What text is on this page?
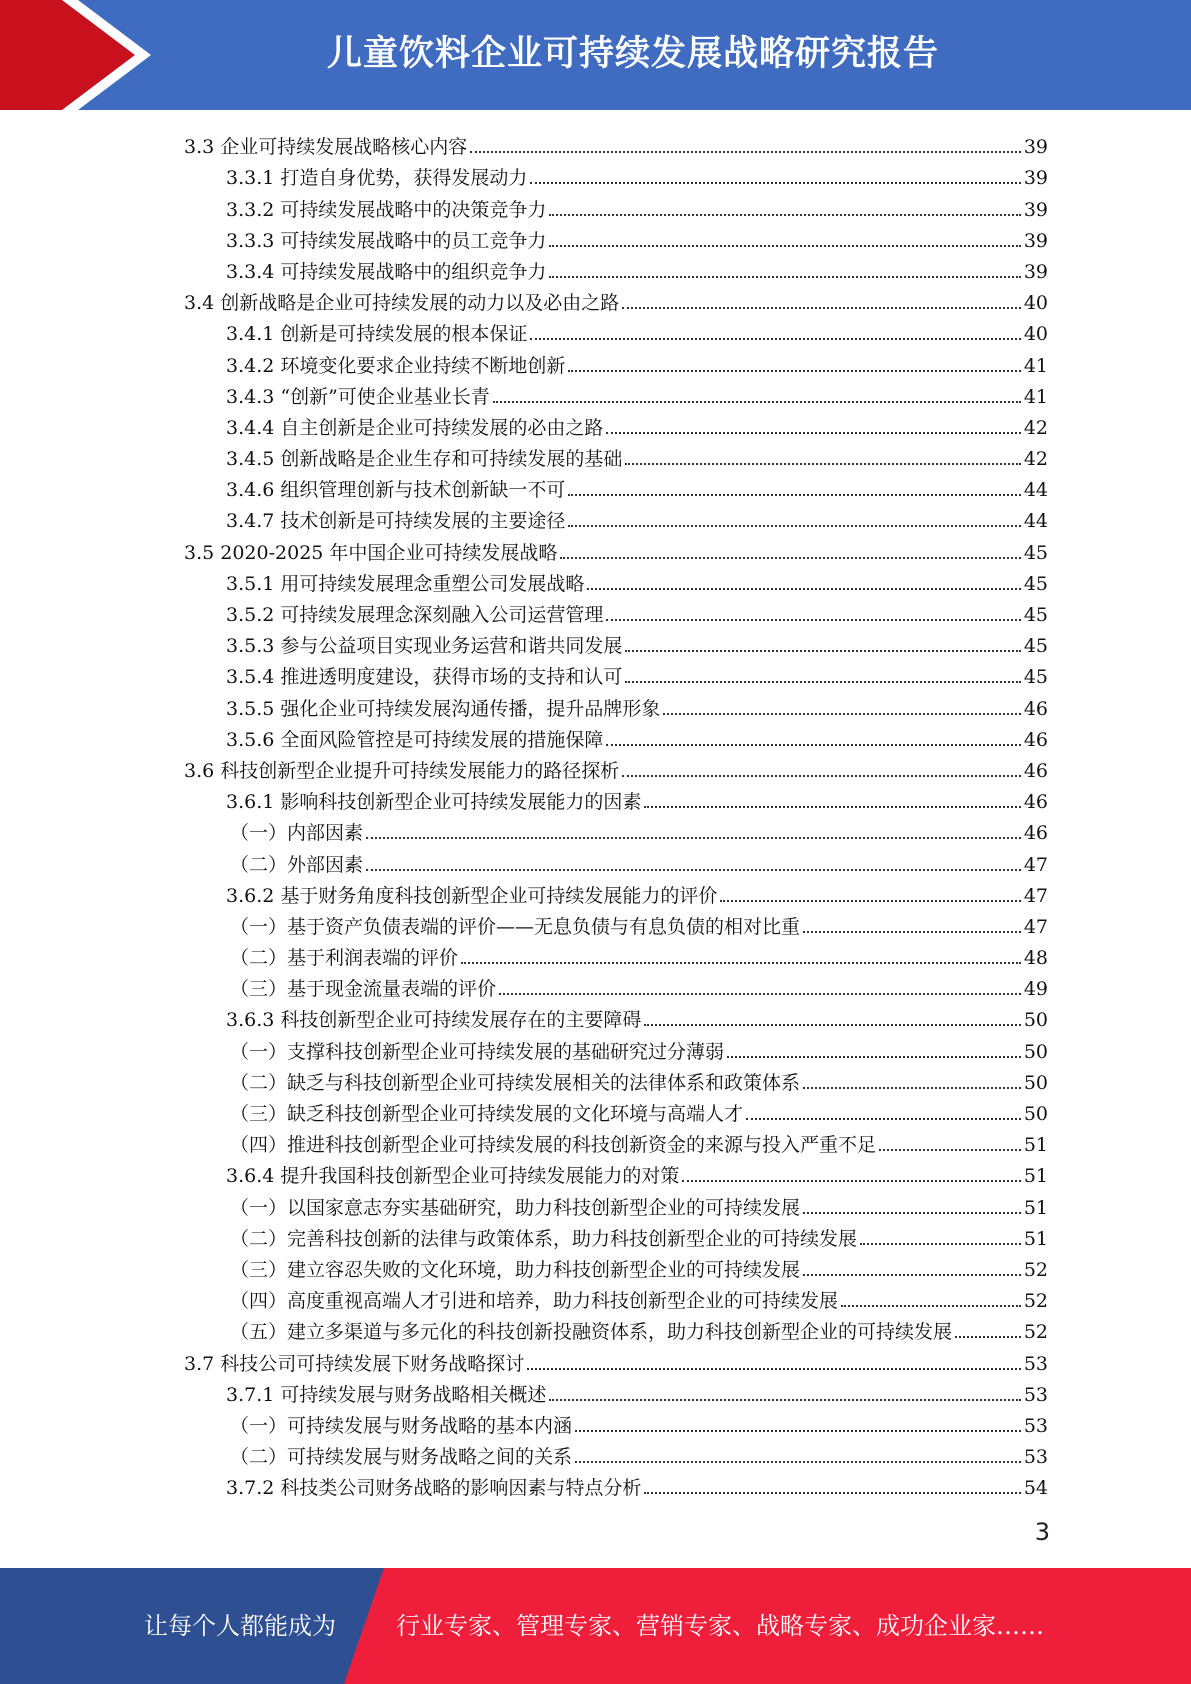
儿童饮料企业可持续发展战略研究报告
3.3 企业可持续发展战略核心内容	39
3.3.1 打造自身优势，获得发展动力	39
3.3.2 可持续发展战略中的决策竞争力	39
3.3.3 可持续发展战略中的员工竞争力	39
3.3.4 可持续发展战略中的组织竞争力	39
3.4 创新战略是企业可持续发展的动力以及必由之路	40
3.4.1 创新是可持续发展的根本保证	40
3.4.2 环境变化要求企业持续不断地创新	41
3.4.3 “创新”可使企业基业长青	41
3.4.4 自主创新是企业可持续发展的必由之路	42
3.4.5 创新战略是企业生存和可持续发展的基础	42
3.4.6 组织管理创新与技术创新缺一不可	44
3.4.7 技术创新是可持续发展的主要途径	44
3.5 2020-2025 年中国企业可持续发展战略	45
3.5.1 用可持续发展理念重塑公司发展战略	45
3.5.2 可持续发展理念深刻融入公司运营管理	45
3.5.3 参与公益项目实现业务运营和谐共同发展	45
3.5.4 推进透明度建设，获得市场的支持和认可	45
3.5.5 强化企业可持续发展沟通传播，提升品牌形象	46
3.5.6 全面风险管控是可持续发展的措施保障	46
3.6 科技创新型企业提升可持续发展能力的路径探析	46
3.6.1 影响科技创新型企业可持续发展能力的因素	46
（一）内部因素	46
（二）外部因素	47
3.6.2 基于财务角度科技创新型企业可持续发展能力的评价	47
（一）基于资产负债表端的评价——无息负债与有息负债的相对比重	47
（二）基于利润表端的评价	48
（三）基于现金流量表端的评价	49
3.6.3 科技创新型企业可持续发展存在的主要障碍	50
（一）支撑科技创新型企业可持续发展的基础研究过分薄弱	50
（二）缺乏与科技创新型企业可持续发展相关的法律体系和政策体系	50
（三）缺乏科技创新型企业可持续发展的文化环境与高端人才	50
（四）推进科技创新型企业可持续发展的科技创新资金的来源与投入严重不足	51
3.6.4 提升我国科技创新型企业可持续发展能力的对策	51
（一）以国家意志夯实基础研究，助力科技创新型企业的可持续发展	51
（二）完善科技创新的法律与政策体系，助力科技创新型企业的可持续发展	51
（三）建立容忍失败的文化环境，助力科技创新型企业的可持续发展	52
（四）高度重视高端人才引进和培养，助力科技创新型企业的可持续发展	52
（五）建立多渠道与多元化的科技创新投融资体系，助力科技创新型企业的可持续发展	52
3.7 科技公司可持续发展下财务战略探讨	53
3.7.1 可持续发展与财务战略相关概述	53
（一）可持续发展与财务战略的基本内涵	53
（二）可持续发展与财务战略之间的关系	53
3.7.2 科技类公司财务战略的影响因素与特点分析	54
3
让每个人都能成为	行业专家、管理专家、营销专家、战略专家、成功企业家……
